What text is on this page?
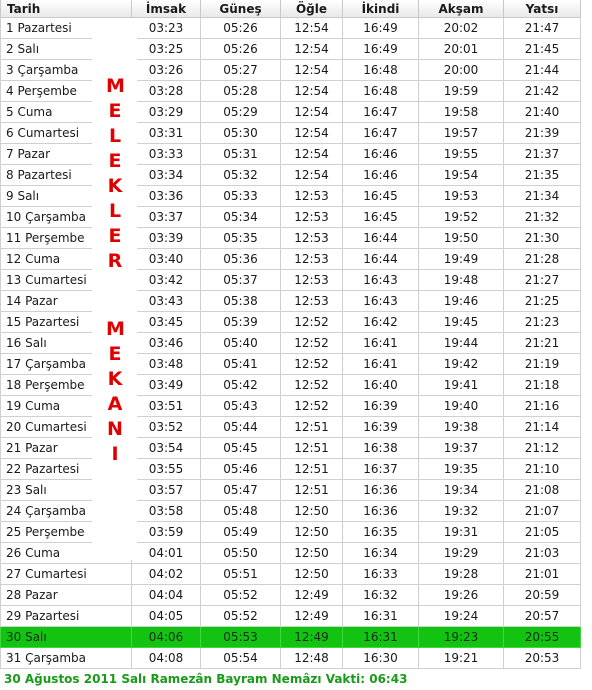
Tarih	İmsak	Güneş	Öğle	İkindi	Akşam	Yatsı
1 Pazartesi	03:23	05:26	12:54	16:49	20:02	21:47
2 Salı	03:25	05:26	12:54	16:49	20:01	21:45
3 Çarşamba	03:26	05:27	12:54	16:48	20:00	21:44
4 Perşembe	03:28	05:28	12:54	16:48	19:59	21:42
5 Cuma	03:29	05:29	12:54	16:47	19:58	21:40
6 Cumartesi	03:31	05:30	12:54	16:47	19:57	21:39
7 Pazar	03:33	05:31	12:54	16:46	19:55	21:37
8 Pazartesi	03:34	05:32	12:54	16:46	19:54	21:35
9 Salı	03:36	05:33	12:53	16:45	19:53	21:34
10 Çarşamba	03:37	05:34	12:53	16:45	19:52	21:32
11 Perşembe	03:39	05:35	12:53	16:44	19:50	21:30
12 Cuma	03:40	05:36	12:53	16:44	19:49	21:28
13 Cumartesi	03:42	05:37	12:53	16:43	19:48	21:27
14 Pazar	03:43	05:38	12:53	16:43	19:46	21:25
15 Pazartesi	03:45	05:39	12:52	16:42	19:45	21:23
16 Salı	03:46	05:40	12:52	16:41	19:44	21:21
17 Çarşamba	03:48	05:41	12:52	16:41	19:42	21:19
18 Perşembe	03:49	05:42	12:52	16:40	19:41	21:18
19 Cuma	03:51	05:43	12:52	16:39	19:40	21:16
20 Cumartesi	03:52	05:44	12:51	16:39	19:38	21:14
21 Pazar	03:54	05:45	12:51	16:38	19:37	21:12
22 Pazartesi	03:55	05:46	12:51	16:37	19:35	21:10
23 Salı	03:57	05:47	12:51	16:36	19:34	21:08
24 Çarşamba	03:58	05:48	12:50	16:36	19:32	21:07
25 Perşembe	03:59	05:49	12:50	16:35	19:31	21:05
26 Cuma	04:01	05:50	12:50	16:34	19:29	21:03
27 Cumartesi	04:02	05:51	12:50	16:33	19:28	21:01
28 Pazar	04:04	05:52	12:49	16:32	19:26	20:59
29 Pazartesi	04:05	05:52	12:49	16:31	19:24	20:57
30 Salı	04:06	05:53	12:49	16:31	19:23	20:55
31 Çarşamba	04:08	05:54	12:48	16:30	19:21	20:53
M
E
L
E
K
L
E
R
M
E
K
A
N
I
30 Ağustos 2011 Salı Ramezân Bayram Nemâzı Vakti: 06:43
